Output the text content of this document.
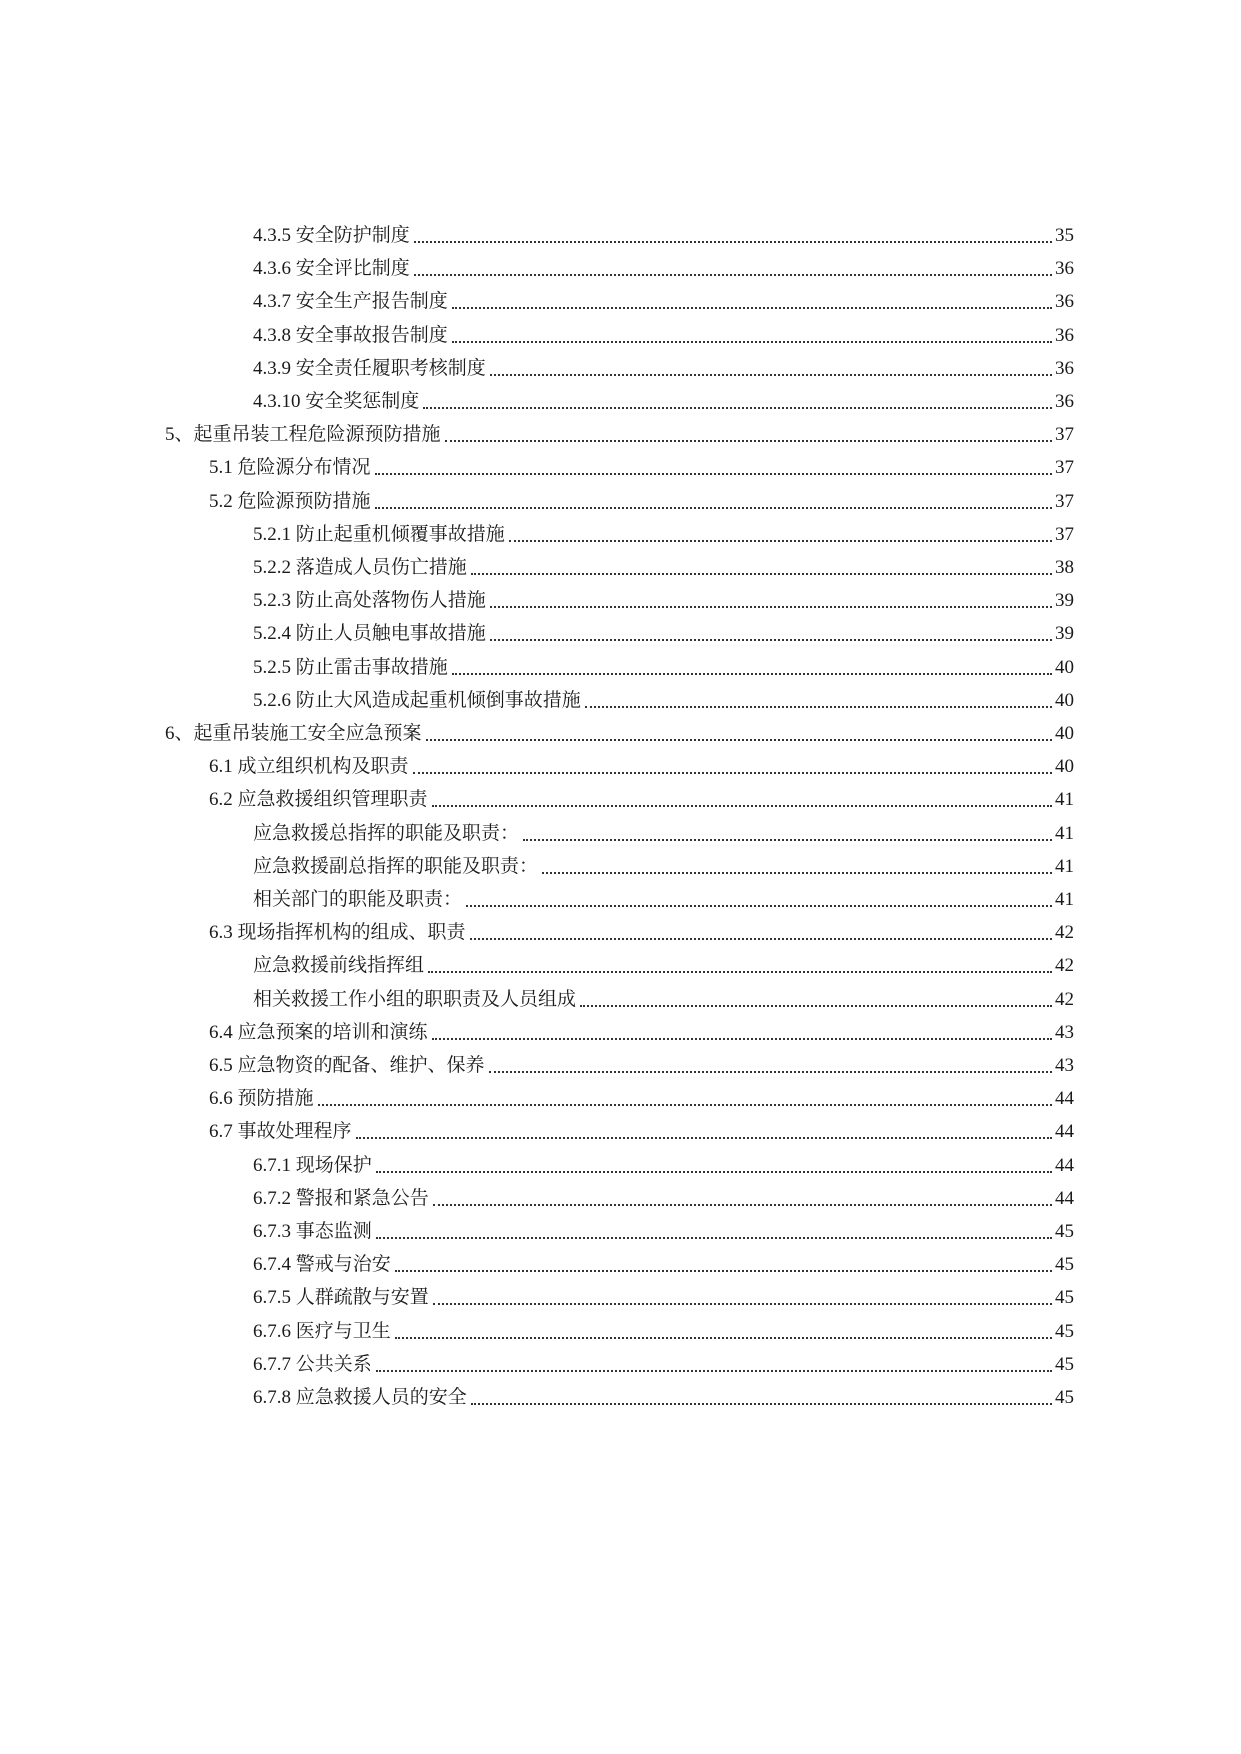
4.3.5 安全防护制度	35
4.3.6 安全评比制度	36
4.3.7 安全生产报告制度	36
4.3.8 安全事故报告制度	36
4.3.9 安全责任履职考核制度	36
4.3.10 安全奖惩制度	36
5、起重吊装工程危险源预防措施	37
5.1 危险源分布情况	37
5.2 危险源预防措施	37
5.2.1 防止起重机倾覆事故措施	37
5.2.2 落造成人员伤亡措施	38
5.2.3 防止高处落物伤人措施	39
5.2.4 防止人员触电事故措施	39
5.2.5 防止雷击事故措施	40
5.2.6 防止大风造成起重机倾倒事故措施	40
6、起重吊装施工安全应急预案	40
6.1 成立组织机构及职责	40
6.2 应急救援组织管理职责	41
应急救援总指挥的职能及职责：	41
应急救援副总指挥的职能及职责：	41
相关部门的职能及职责：	41
6.3 现场指挥机构的组成、职责	42
应急救援前线指挥组	42
相关救援工作小组的职职责及人员组成	42
6.4 应急预案的培训和演练	43
6.5 应急物资的配备、维护、保养	43
6.6 预防措施	44
6.7 事故处理程序	44
6.7.1 现场保护	44
6.7.2 警报和紧急公告	44
6.7.3 事态监测	45
6.7.4 警戒与治安	45
6.7.5 人群疏散与安置	45
6.7.6 医疗与卫生	45
6.7.7 公共关系	45
6.7.8 应急救援人员的安全	45
